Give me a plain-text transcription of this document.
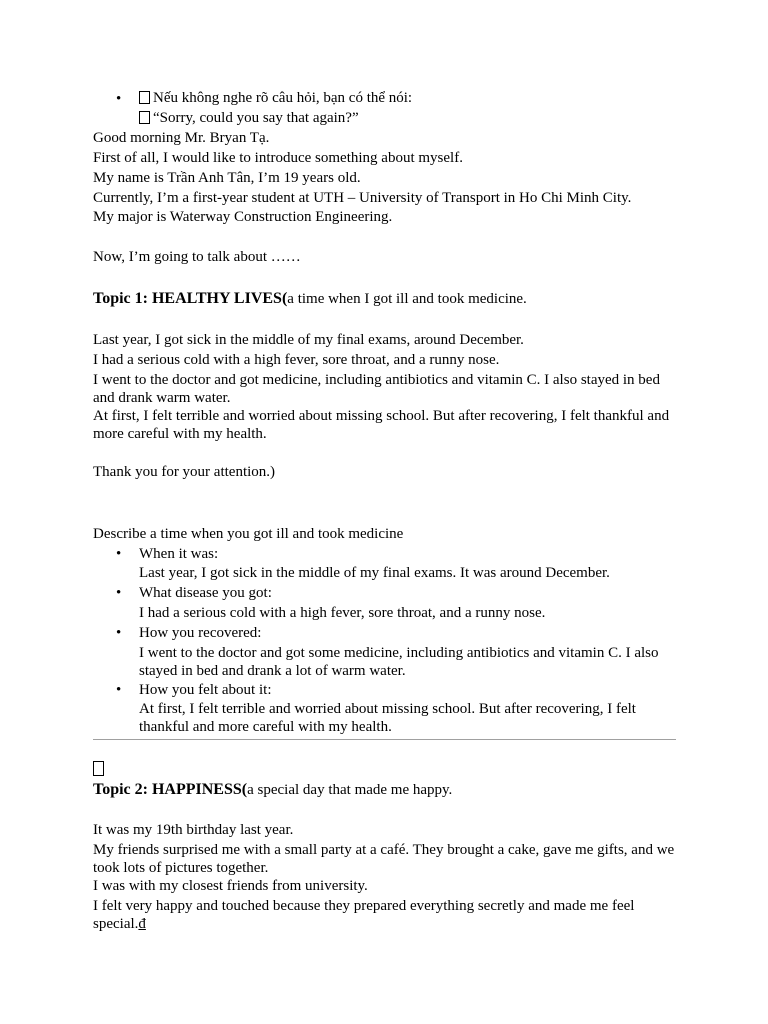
•	Nếu không nghe rõ câu hỏi, bạn có thể nói:
“Sorry, could you say that again?”
Good morning Mr. Bryan Tạ.
First of all, I would like to introduce something about myself.
My name is Trần Anh Tân, I’m 19 years old.
Currently, I’m a first-year student at UTH – University of Transport in Ho Chi Minh City.
My major is Waterway Construction Engineering.
Now, I’m going to talk about ……
Topic 1: HEALTHY LIVES(a time when I got ill and took medicine.
Last year, I got sick in the middle of my final exams, around December.
I had a serious cold with a high fever, sore throat, and a runny nose.
I went to the doctor and got medicine, including antibiotics and vitamin C. I also stayed in bed and drank warm water.
At first, I felt terrible and worried about missing school. But after recovering, I felt thankful and more careful with my health.
Thank you for your attention.)
Describe a time when you got ill and took medicine
• When it was:
Last year, I got sick in the middle of my final exams. It was around December.
• What disease you got:
I had a serious cold with a high fever, sore throat, and a runny nose.
• How you recovered:
I went to the doctor and got some medicine, including antibiotics and vitamin C. I also stayed in bed and drank a lot of warm water.
• How you felt about it:
At first, I felt terrible and worried about missing school. But after recovering, I felt thankful and more careful with my health.
Topic 2: HAPPINESS(a special day that made me happy.
It was my 19th birthday last year.
My friends surprised me with a small party at a café. They brought a cake, gave me gifts, and we took lots of pictures together.
I was with my closest friends from university.
I felt very happy and touched because they prepared everything secretly and made me feel special.đ
